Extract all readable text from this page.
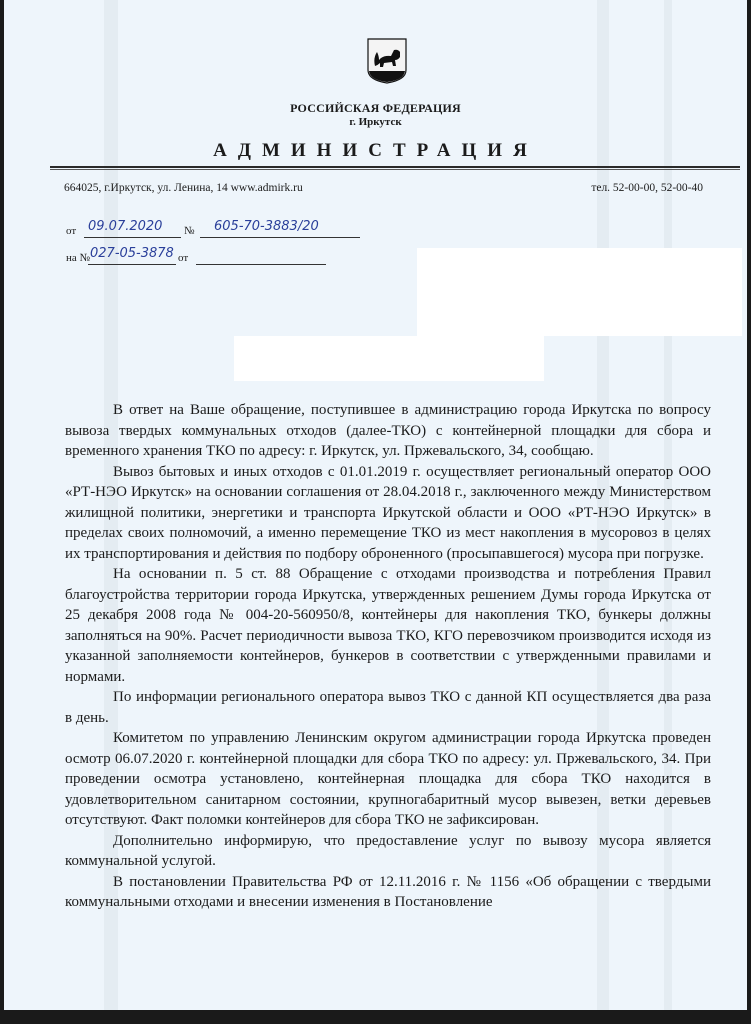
РОССИЙСКАЯ ФЕДЕРАЦИЯ
г. Иркутск
АДМИНИСТРАЦИЯ
664025, г.Иркутск, ул. Ленина, 14 www.admirk.ru	тел. 52-00-00, 52-00-40
от 09.07.2020 № 605-70-3883/20
на № 027-05-3878 от

В ответ на Ваше обращение, поступившее в администрацию города Иркутска по вопросу вывоза твердых коммунальных отходов (далее-ТКО) с контейнерной площадки для сбора и временного хранения ТКО по адресу: г. Иркутск, ул. Пржевальского, 34, сообщаю.

Вывоз бытовых и иных отходов с 01.01.2019 г. осуществляет региональный оператор ООО «РТ-НЭО Иркутск» на основании соглашения от 28.04.2018 г., заключенного между Министерством жилищной политики, энергетики и транспорта Иркутской области и ООО «РТ-НЭО Иркутск» в пределах своих полномочий, а именно перемещение ТКО из мест накопления в мусоровоз в целях их транспортирования и действия по подбору оброненного (просыпавшегося) мусора при погрузке.

На основании п. 5 ст. 88 Обращение с отходами производства и потребления Правил благоустройства территории города Иркутска, утвержденных решением Думы города Иркутска от 25 декабря 2008 года № 004-20-560950/8, контейнеры для накопления ТКО, бункеры должны заполняться на 90%. Расчет периодичности вывоза ТКО, КГО перевозчиком производится исходя из указанной заполняемости контейнеров, бункеров в соответствии с утвержденными правилами и нормами.

По информации регионального оператора вывоз ТКО с данной КП осуществляется два раза в день.

Комитетом по управлению Ленинским округом администрации города Иркутска проведен осмотр 06.07.2020 г. контейнерной площадки для сбора ТКО по адресу: ул. Пржевальского, 34. При проведении осмотра установлено, контейнерная площадка для сбора ТКО находится в удовлетворительном санитарном состоянии, крупногабаритный мусор вывезен, ветки деревьев отсутствуют. Факт поломки контейнеров для сбора ТКО не зафиксирован.

Дополнительно информирую, что предоставление услуг по вывозу мусора является коммунальной услугой.

В постановлении Правительства РФ от 12.11.2016 г. № 1156 «Об обращении с твердыми коммунальными отходами и внесении изменения в Постановление
